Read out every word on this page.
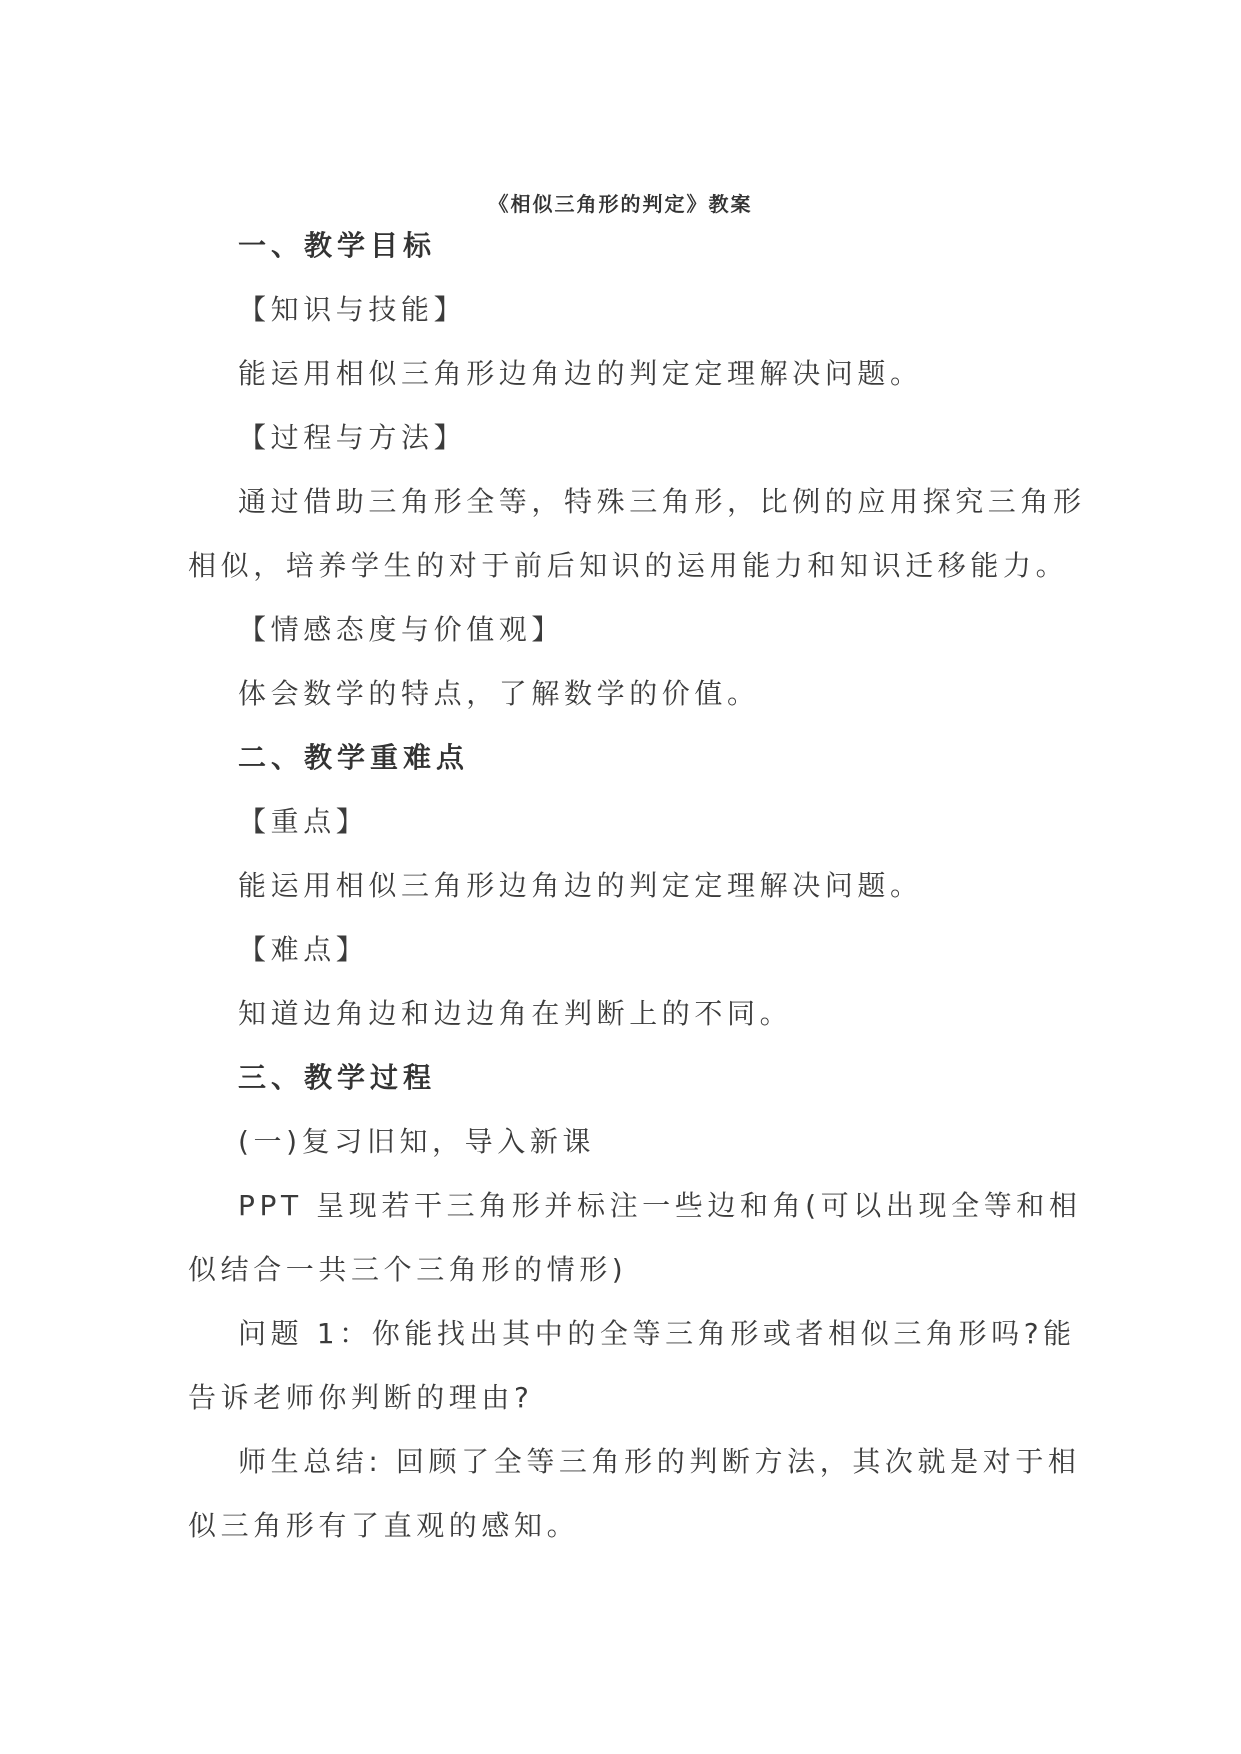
《相似三角形的判定》教案
一、教学目标
【知识与技能】
能运用相似三角形边角边的判定定理解决问题。
【过程与方法】
通过借助三角形全等，特殊三角形，比例的应用探究三角形
相似，培养学生的对于前后知识的运用能力和知识迁移能力。
【情感态度与价值观】
体会数学的特点，了解数学的价值。
二、教学重难点
【重点】
能运用相似三角形边角边的判定定理解决问题。
【难点】
知道边角边和边边角在判断上的不同。
三、教学过程
(一)复习旧知，导入新课
PPT 呈现若干三角形并标注一些边和角(可以出现全等和相
似结合一共三个三角形的情形)
问题 1：你能找出其中的全等三角形或者相似三角形吗?能
告诉老师你判断的理由?
师生总结: 回顾了全等三角形的判断方法，其次就是对于相
似三角形有了直观的感知。
